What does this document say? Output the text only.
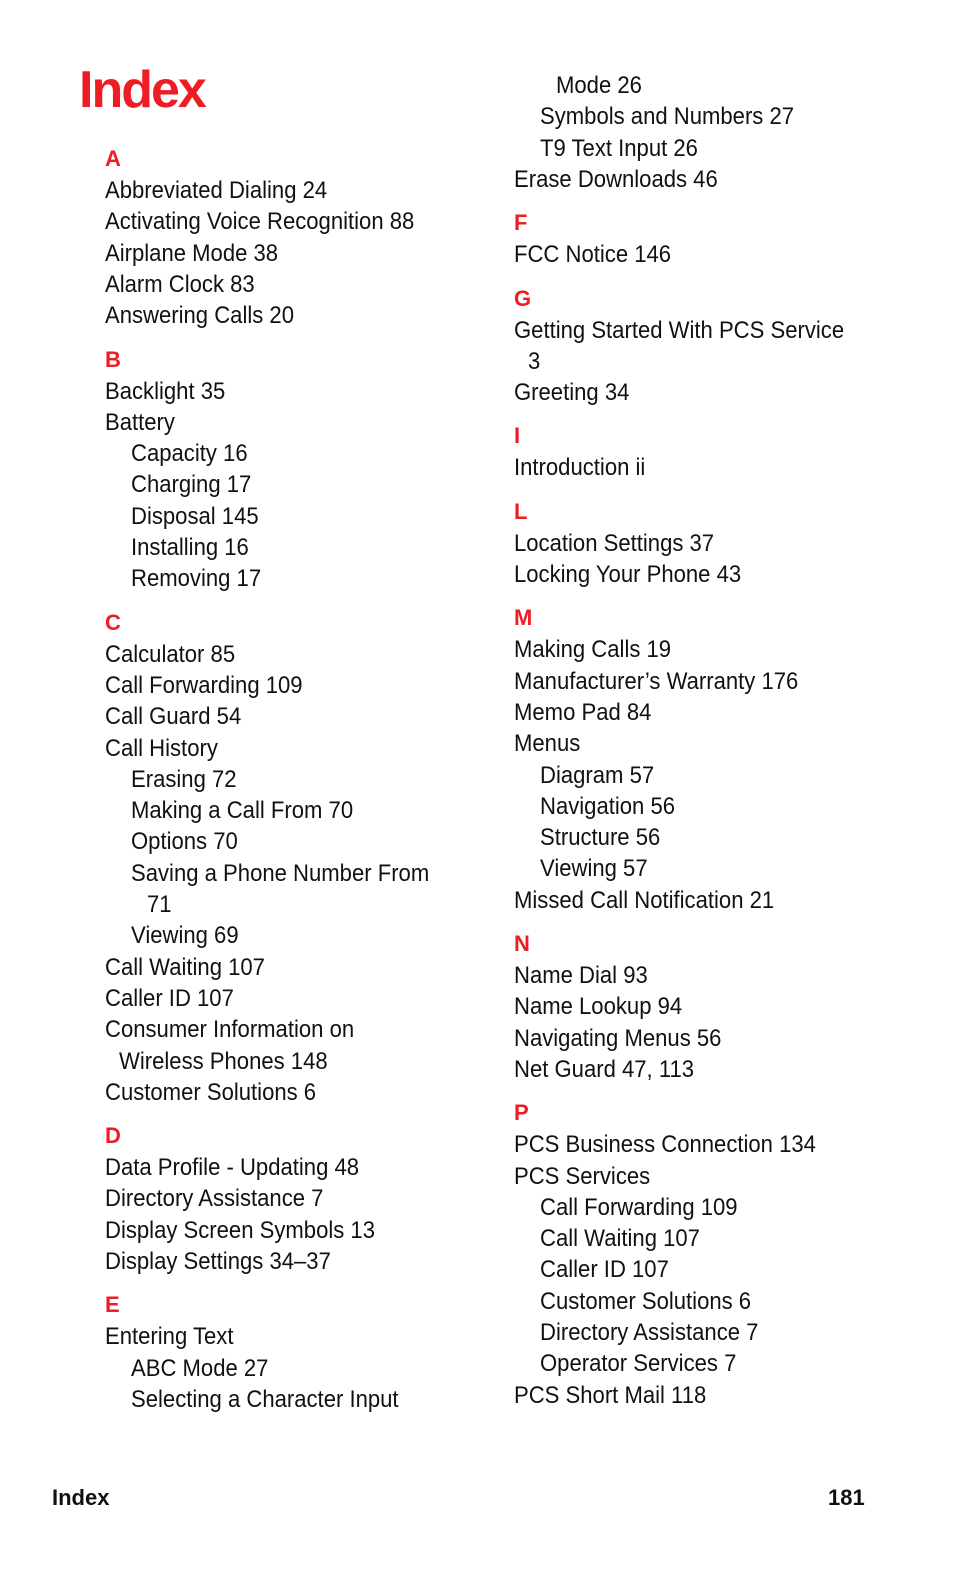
Index
A
Abbreviated Dialing 24
Activating Voice Recognition 88
Airplane Mode 38
Alarm Clock 83
Answering Calls 20
B
Backlight 35
Battery
Capacity 16
Charging 17
Disposal 145
Installing 16
Removing 17
C
Calculator 85
Call Forwarding 109
Call Guard 54
Call History
Erasing 72
Making a Call From 70
Options 70
Saving a Phone Number From
71
Viewing 69
Call Waiting 107
Caller ID 107
Consumer Information on
Wireless Phones 148
Customer Solutions 6
D
Data Profile - Updating 48
Directory Assistance 7
Display Screen Symbols 13
Display Settings 34–37
E
Entering Text
ABC Mode 27
Selecting a Character Input
Mode 26
Symbols and Numbers 27
T9 Text Input 26
Erase Downloads 46
F
FCC Notice 146
G
Getting Started With PCS Service
3
Greeting 34
I
Introduction ii
L
Location Settings 37
Locking Your Phone 43
M
Making Calls 19
Manufacturer’s Warranty 176
Memo Pad 84
Menus
Diagram 57
Navigation 56
Structure 56
Viewing 57
Missed Call Notification 21
N
Name Dial 93
Name Lookup 94
Navigating Menus 56
Net Guard 47, 113
P
PCS Business Connection 134
PCS Services
Call Forwarding 109
Call Waiting 107
Caller ID 107
Customer Solutions 6
Directory Assistance 7
Operator Services 7
PCS Short Mail 118
Index	181
